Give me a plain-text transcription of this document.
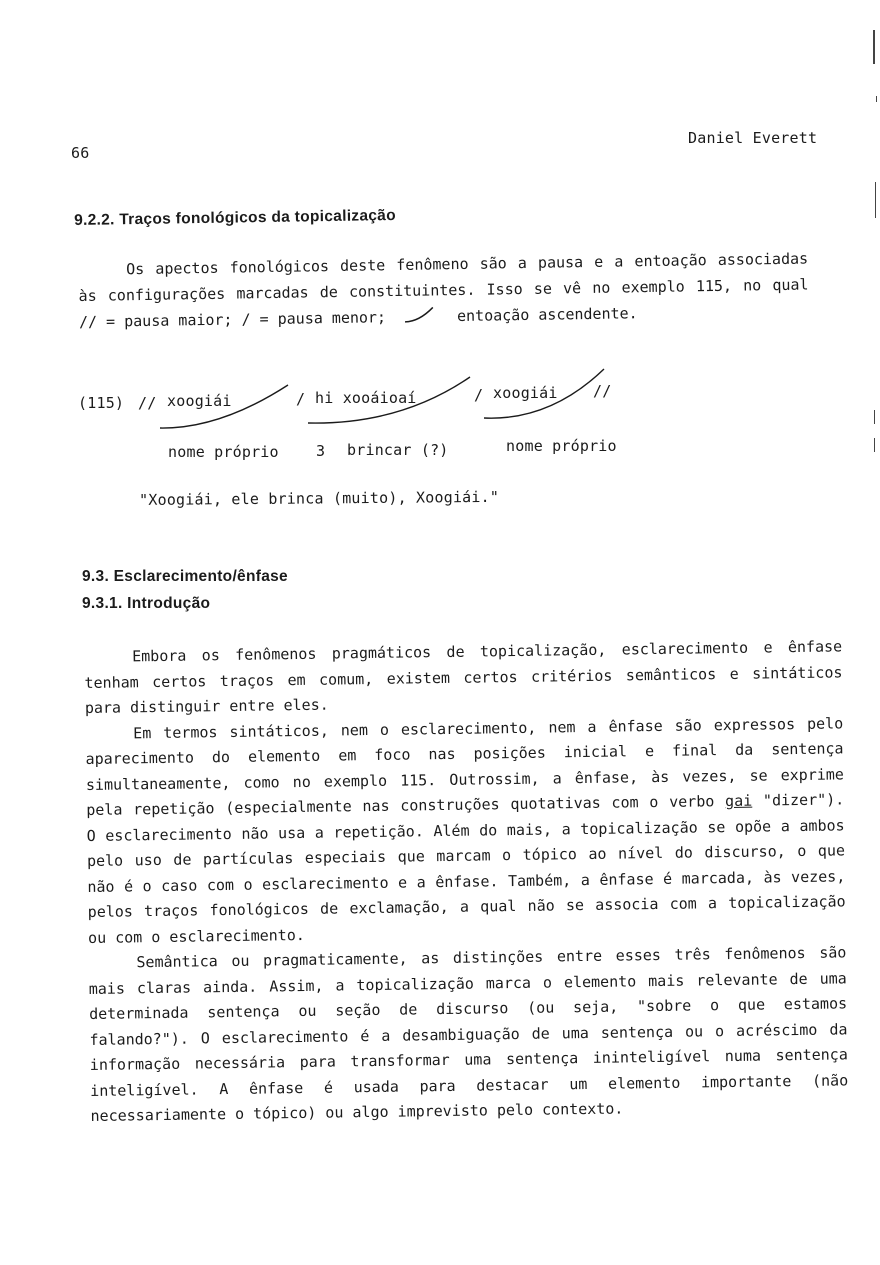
66
Daniel Everett
9.2.2. Traços fonológicos da topicalização

Os apectos fonológicos deste fenômeno são a pausa e a entoação associadas às configurações marcadas de constituintes. Isso se vê no exemplo 115, no qual // = pausa maior; / = pausa menor;	entoação ascendente.

(115) // xoogiái	/ hi xooáioaí	/ xoogiái //
nome próprio 3 brincar (?)	nome próprio
"Xoogiái, ele brinca (muito), Xoogiái."
9.3. Esclarecimento/ênfase
9.3.1. Introdução

Embora os fenômenos pragmáticos de topicalização, esclarecimento e ênfase tenham certos traços em comum, existem certos critérios semânticos e sintáticos para distinguir entre eles.

Em termos sintáticos, nem o esclarecimento, nem a ênfase são expressos pelo aparecimento do elemento em foco nas posições inicial e final da sentença simultaneamente, como no exemplo 115. Outrossim, a ênfase, às vezes, se exprime pela repetição (especialmente nas construções quotativas com o verbo gai "dizer"). O esclarecimento não usa a repetição. Além do mais, a topicalização se opõe a ambos pelo uso de partículas especiais que marcam o tópico ao nível do discurso, o que não é o caso com o esclarecimento e a ênfase. Também, a ênfase é marcada, às vezes, pelos traços fonológicos de exclamação, a qual não se associa com a topicalização ou com o esclarecimento.

Semântica ou pragmaticamente, as distinções entre esses três fenômenos são mais claras ainda. Assim, a topicalização marca o elemento mais relevante de uma determinada sentença ou seção de discurso (ou seja, "sobre o que estamos falando?"). O esclarecimento é a desambiguação de uma sentença ou o acréscimo da informação necessária para transformar uma sentença ininteligível numa sentença inteligível. A ênfase é usada para destacar um elemento importante (não necessariamente o tópico) ou algo imprevisto pelo contexto.
